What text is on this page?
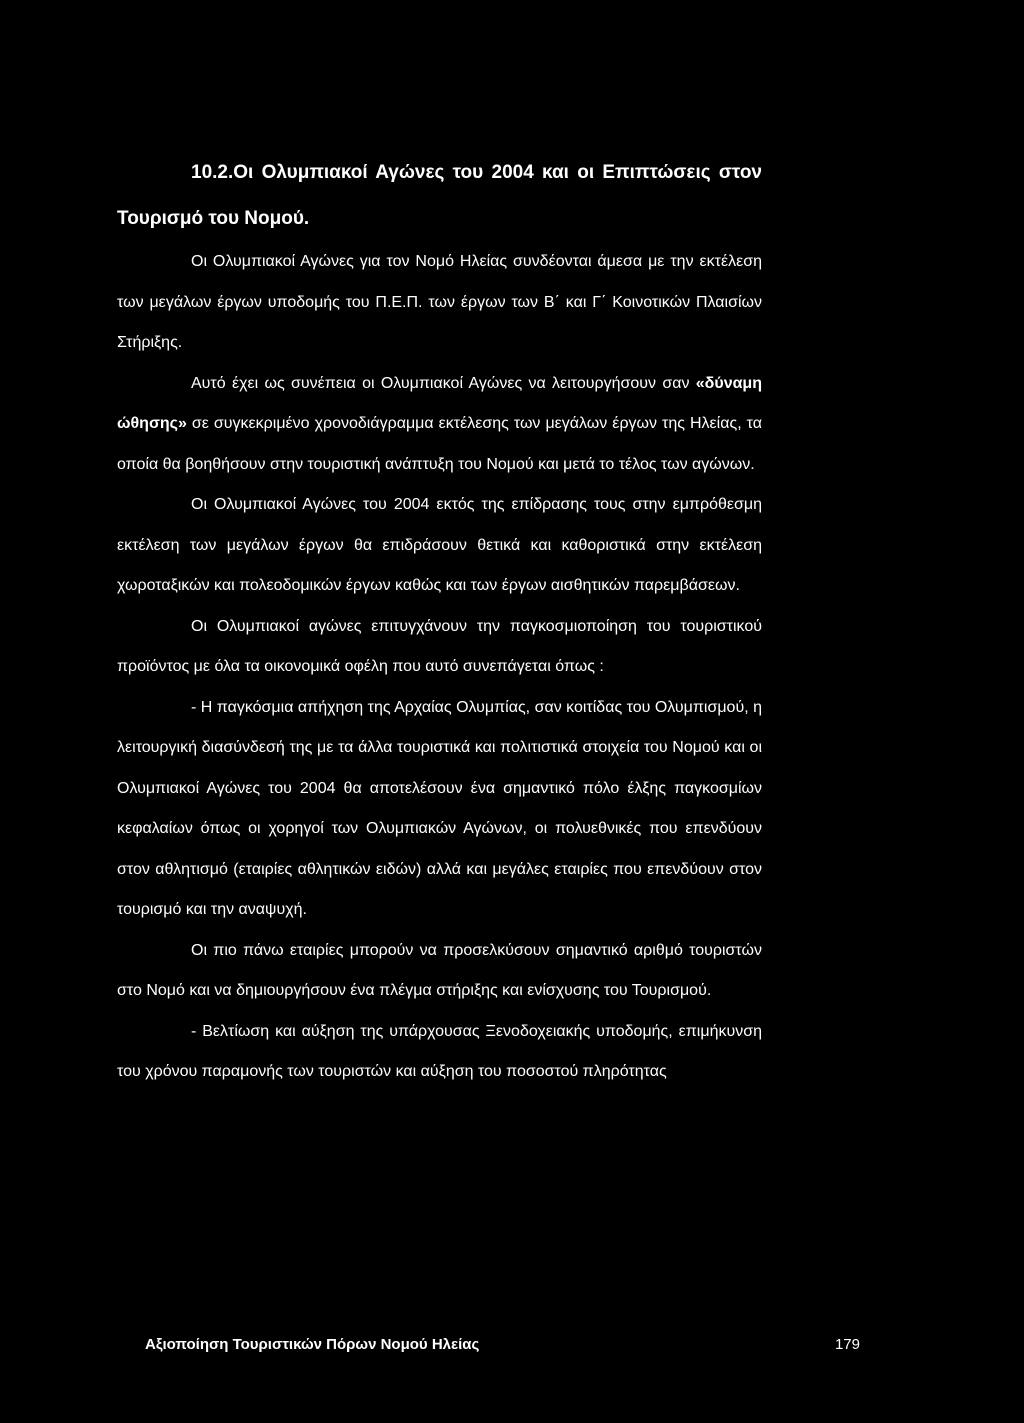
10.2.Οι Ολυμπιακοί Αγώνες του 2004 και οι Επιπτώσεις στον
Τουρισμό του Νομού.

Οι Ολυμπιακοί Αγώνες για τον Νομό Ηλείας συνδέονται άμεσα με την εκτέλεση των μεγάλων έργων υποδομής του Π.Ε.Π. των έργων των Β΄ και Γ΄ Κοινοτικών Πλαισίων Στήριξης.

Αυτό έχει ως συνέπεια οι Ολυμπιακοί Αγώνες να λειτουργήσουν σαν «δύναμη ώθησης» σε συγκεκριμένο χρονοδιάγραμμα εκτέλεσης των μεγάλων έργων της Ηλείας, τα οποία θα βοηθήσουν στην τουριστική ανάπτυξη του Νομού και μετά το τέλος των αγώνων.

Οι Ολυμπιακοί Αγώνες του 2004 εκτός της επίδρασης τους στην εμπρόθεσμη εκτέλεση των μεγάλων έργων θα επιδράσουν θετικά και καθοριστικά στην εκτέλεση χωροταξικών και πολεοδομικών έργων καθώς και των έργων αισθητικών παρεμβάσεων.

Οι Ολυμπιακοί αγώνες επιτυγχάνουν την παγκοσμιοποίηση του τουριστικού προϊόντος με όλα τα οικονομικά οφέλη που αυτό συνεπάγεται όπως :

- Η παγκόσμια απήχηση της Αρχαίας Ολυμπίας, σαν κοιτίδας του Ολυμπισμού, η λειτουργική διασύνδεσή της με τα άλλα τουριστικά και πολιτιστικά στοιχεία του Νομού και οι Ολυμπιακοί Αγώνες του 2004 θα αποτελέσουν ένα σημαντικό πόλο έλξης παγκοσμίων κεφαλαίων όπως οι χορηγοί των Ολυμπιακών Αγώνων, οι πολυεθνικές που επενδύουν στον αθλητισμό (εταιρίες αθλητικών ειδών) αλλά και μεγάλες εταιρίες που επενδύουν στον τουρισμό και την αναψυχή.

Οι πιο πάνω εταιρίες μπορούν να προσελκύσουν σημαντικό αριθμό τουριστών στο Νομό και να δημιουργήσουν ένα πλέγμα στήριξης και ενίσχυσης του Τουρισμού.

- Βελτίωση και αύξηση της υπάρχουσας Ξενοδοχειακής υποδομής, επιμήκυνση του χρόνου παραμονής των τουριστών και αύξηση του ποσοστού πληρότητας

Αξιοποίηση Τουριστικών Πόρων Νομού Ηλείας	179
